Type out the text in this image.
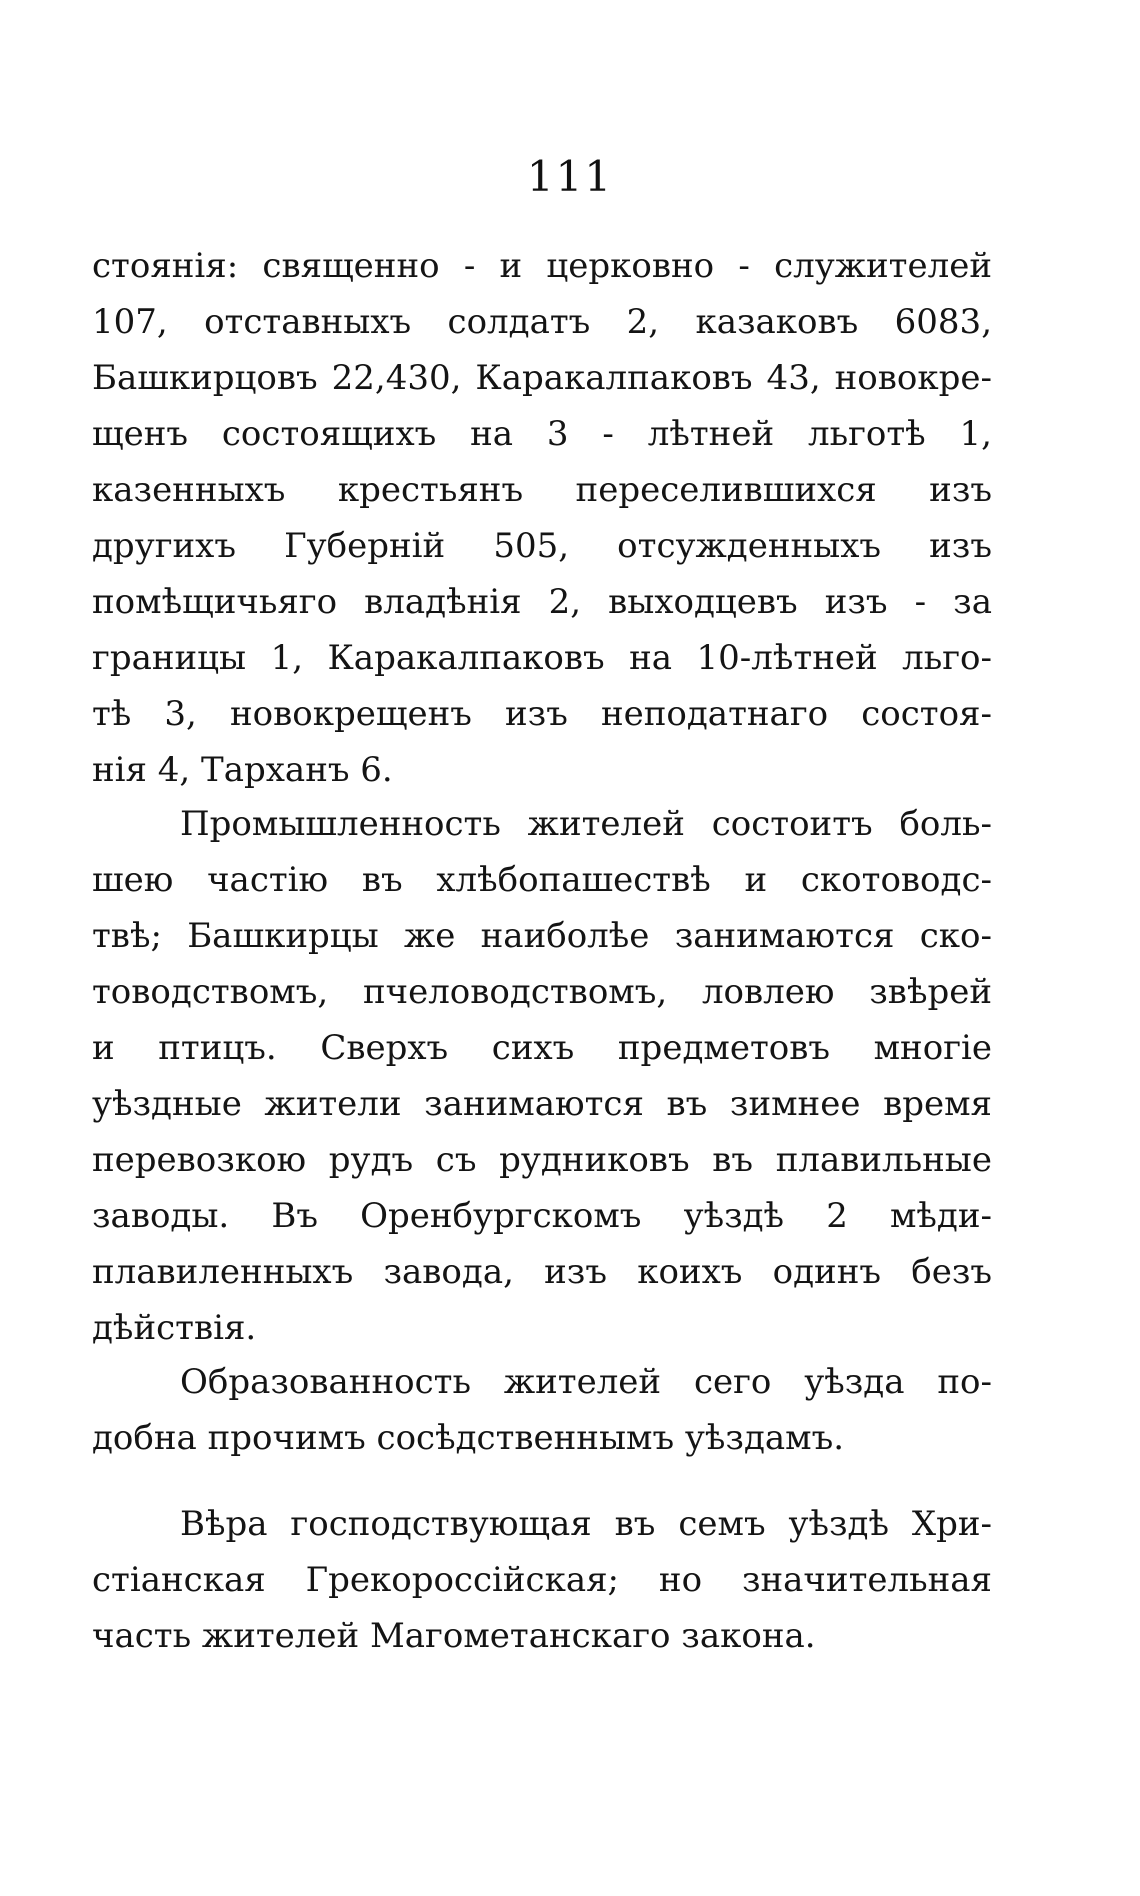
111
стоянія: священно - и церковно - служителей
107, отставныхъ солдатъ 2, казаковъ 6083,
Башкирцовъ 22,430, Каракалпаковъ 43, новокре-
щенъ состоящихъ на 3 - лѣтней льготѣ 1,
казенныхъ крестьянъ переселившихся изъ
другихъ Губерній 505, отсужденныхъ изъ
помѣщичьяго владѣнія 2, выходцевъ изъ - за
границы 1, Каракалпаковъ на 10-лѣтней льго-
тѣ 3, новокрещенъ изъ неподатнаго состоя-
нія 4, Тарханъ 6.
Промышленность жителей состоитъ боль-
шею частію въ хлѣбопашествѣ и скотоводс-
твѣ; Башкирцы же наиболѣе занимаются ско-
товодствомъ, пчеловодствомъ, ловлею звѣрей
и птицъ. Сверхъ сихъ предметовъ многіе
уѣздные жители занимаются въ зимнее время
перевозкою рудъ съ рудниковъ въ плавильные
заводы. Въ Оренбургскомъ уѣздѣ 2 мѣди-
плавиленныхъ завода, изъ коихъ одинъ безъ
дѣйствія.
Образованность жителей сего уѣзда по-
добна прочимъ сосѣдственнымъ уѣздамъ.
Вѣра господствующая въ семъ уѣздѣ Хри-
стіанская Грекороссійская; но значительная
часть жителей Магометанскаго закона.
